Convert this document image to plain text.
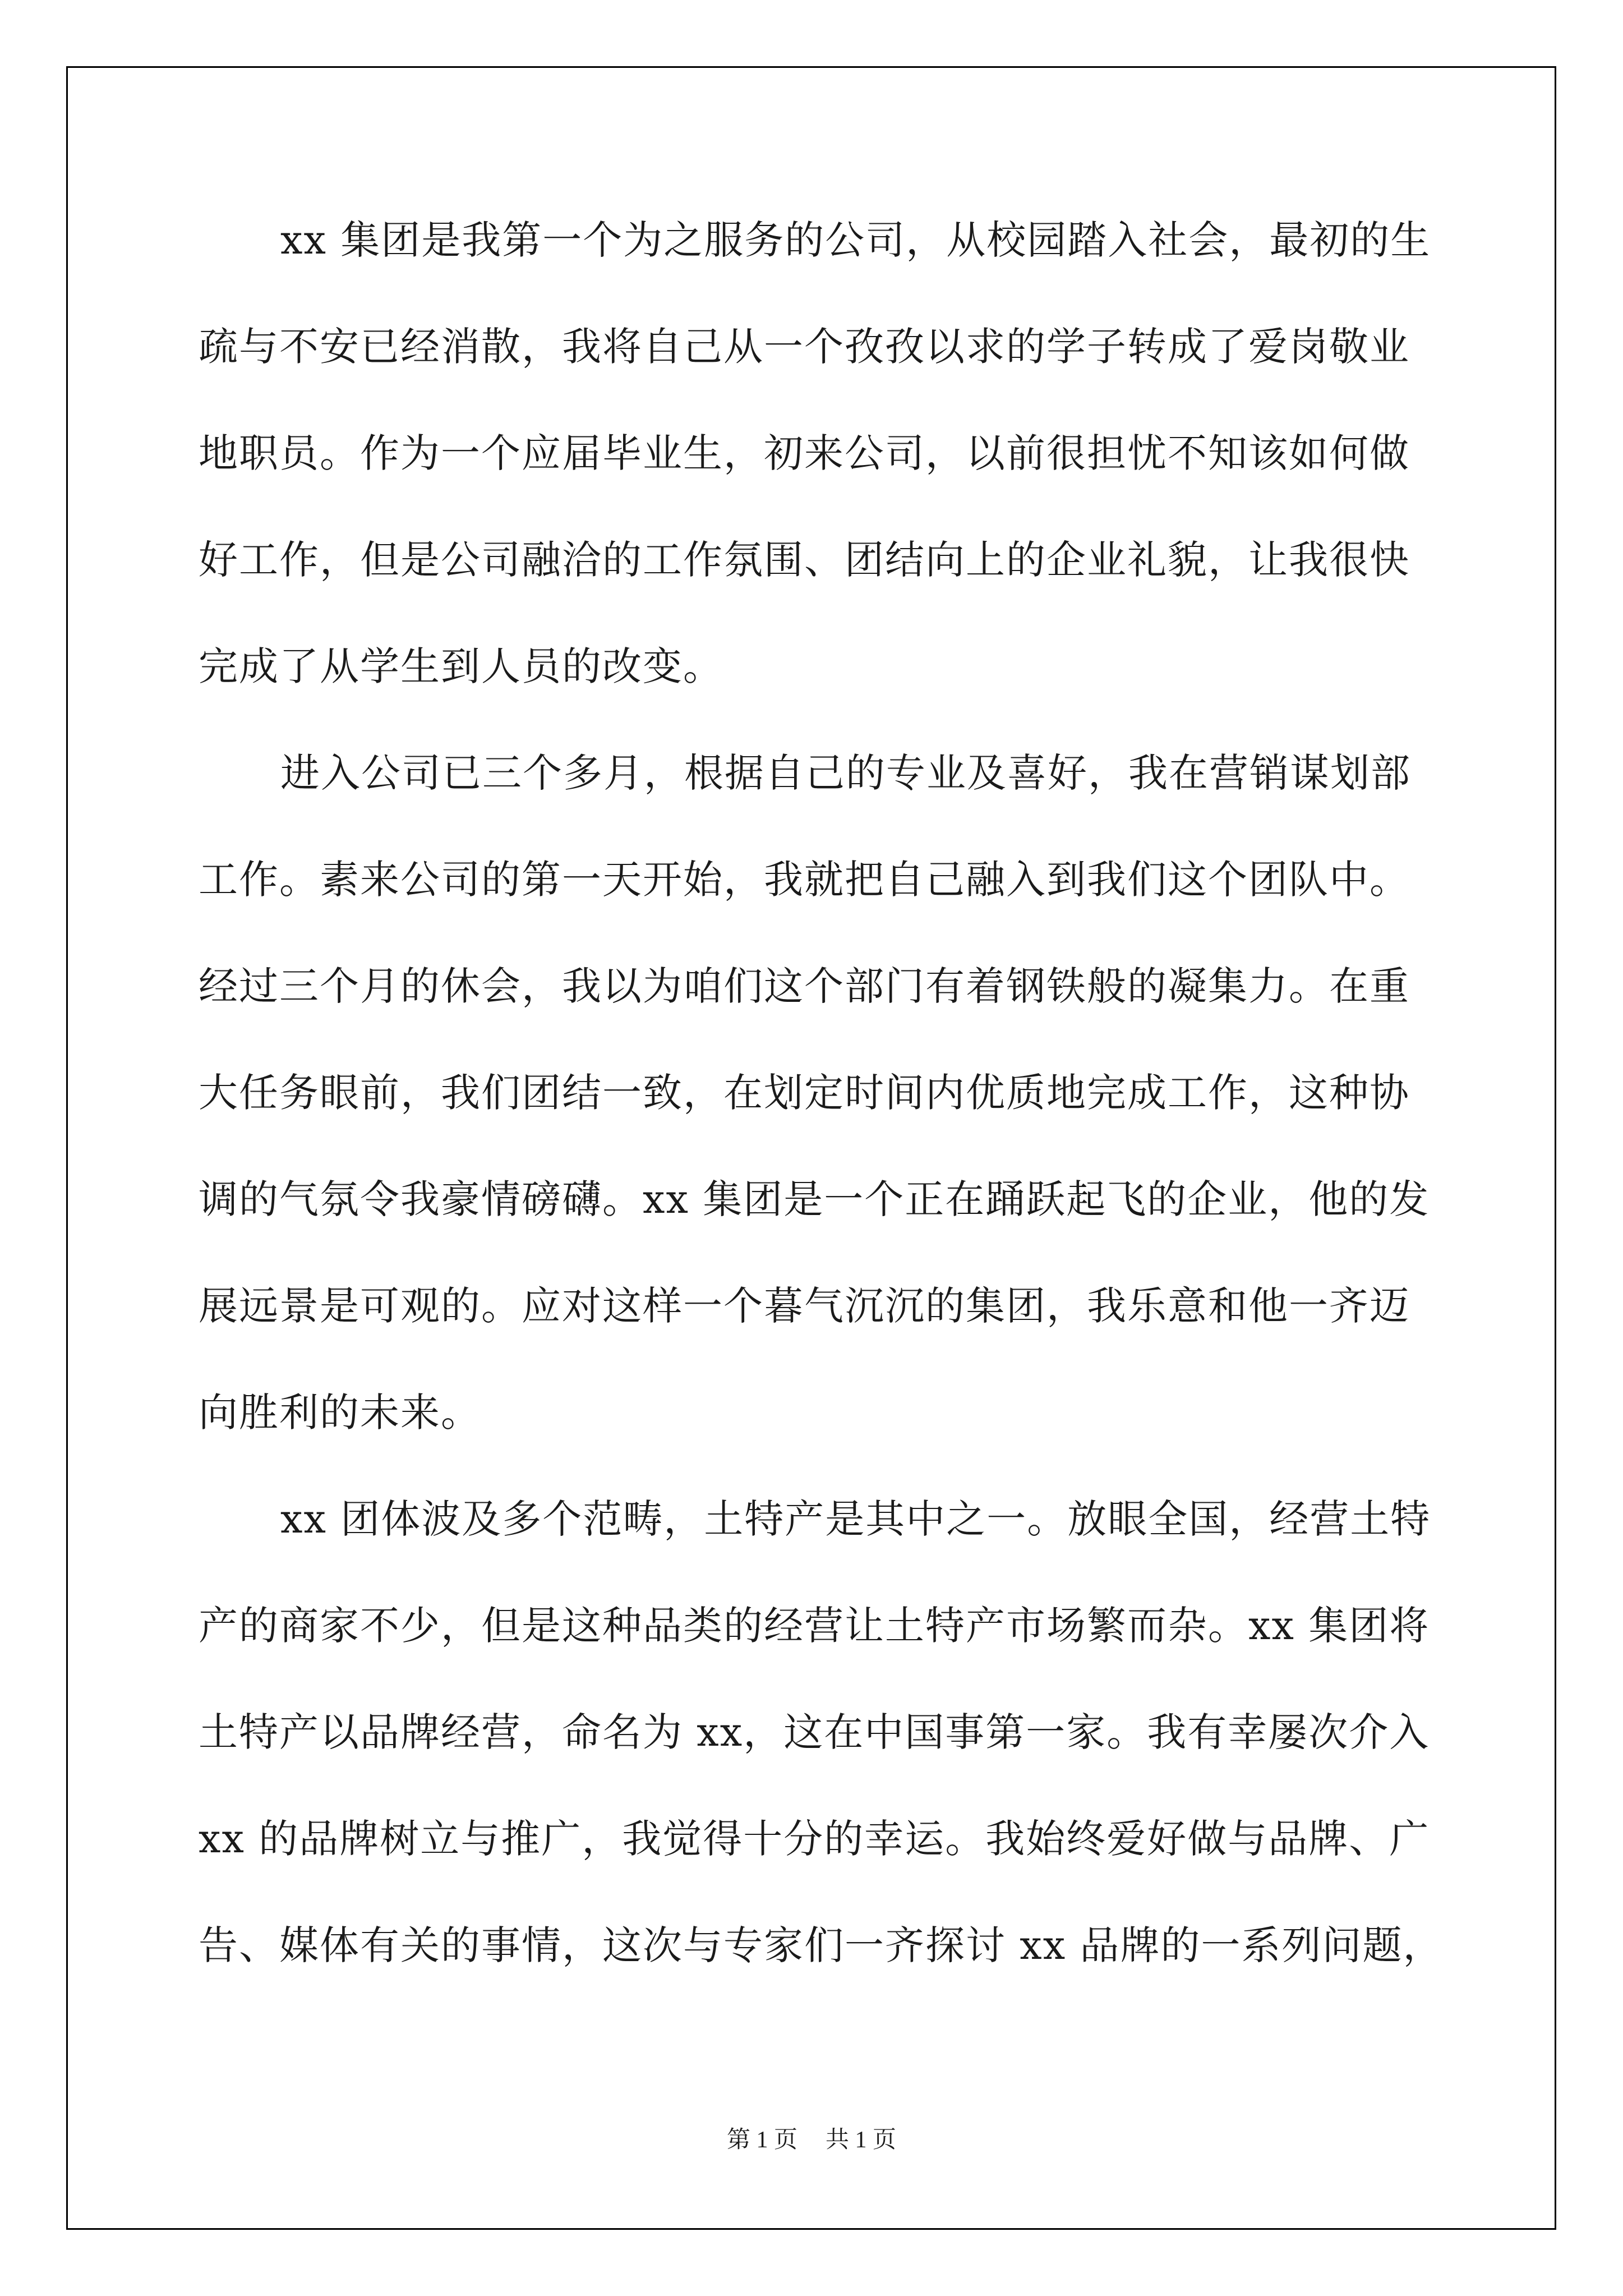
xx 集团是我第一个为之服务的公司，从校园踏入社会，最初的生
疏与不安已经消散，我将自己从一个孜孜以求的学子转成了爱岗敬业
地职员。作为一个应届毕业生，初来公司，以前很担忧不知该如何做
好工作，但是公司融洽的工作氛围、团结向上的企业礼貌，让我很快
完成了从学生到人员的改变。
进入公司已三个多月，根据自己的专业及喜好，我在营销谋划部
工作。素来公司的第一天开始，我就把自己融入到我们这个团队中。
经过三个月的休会，我以为咱们这个部门有着钢铁般的凝集力。在重
大任务眼前，我们团结一致，在划定时间内优质地完成工作，这种协
调的气氛令我豪情磅礴。xx 集团是一个正在踊跃起飞的企业，他的发
展远景是可观的。应对这样一个暮气沉沉的集团，我乐意和他一齐迈
向胜利的未来。
xx 团体波及多个范畴，土特产是其中之一。放眼全国，经营土特
产的商家不少，但是这种品类的经营让土特产市场繁而杂。xx 集团将
土特产以品牌经营，命名为 xx，这在中国事第一家。我有幸屡次介入
xx 的品牌树立与推广，我觉得十分的幸运。我始终爱好做与品牌、广
告、媒体有关的事情，这次与专家们一齐探讨 xx 品牌的一系列问题，
第 1 页 共 1 页
